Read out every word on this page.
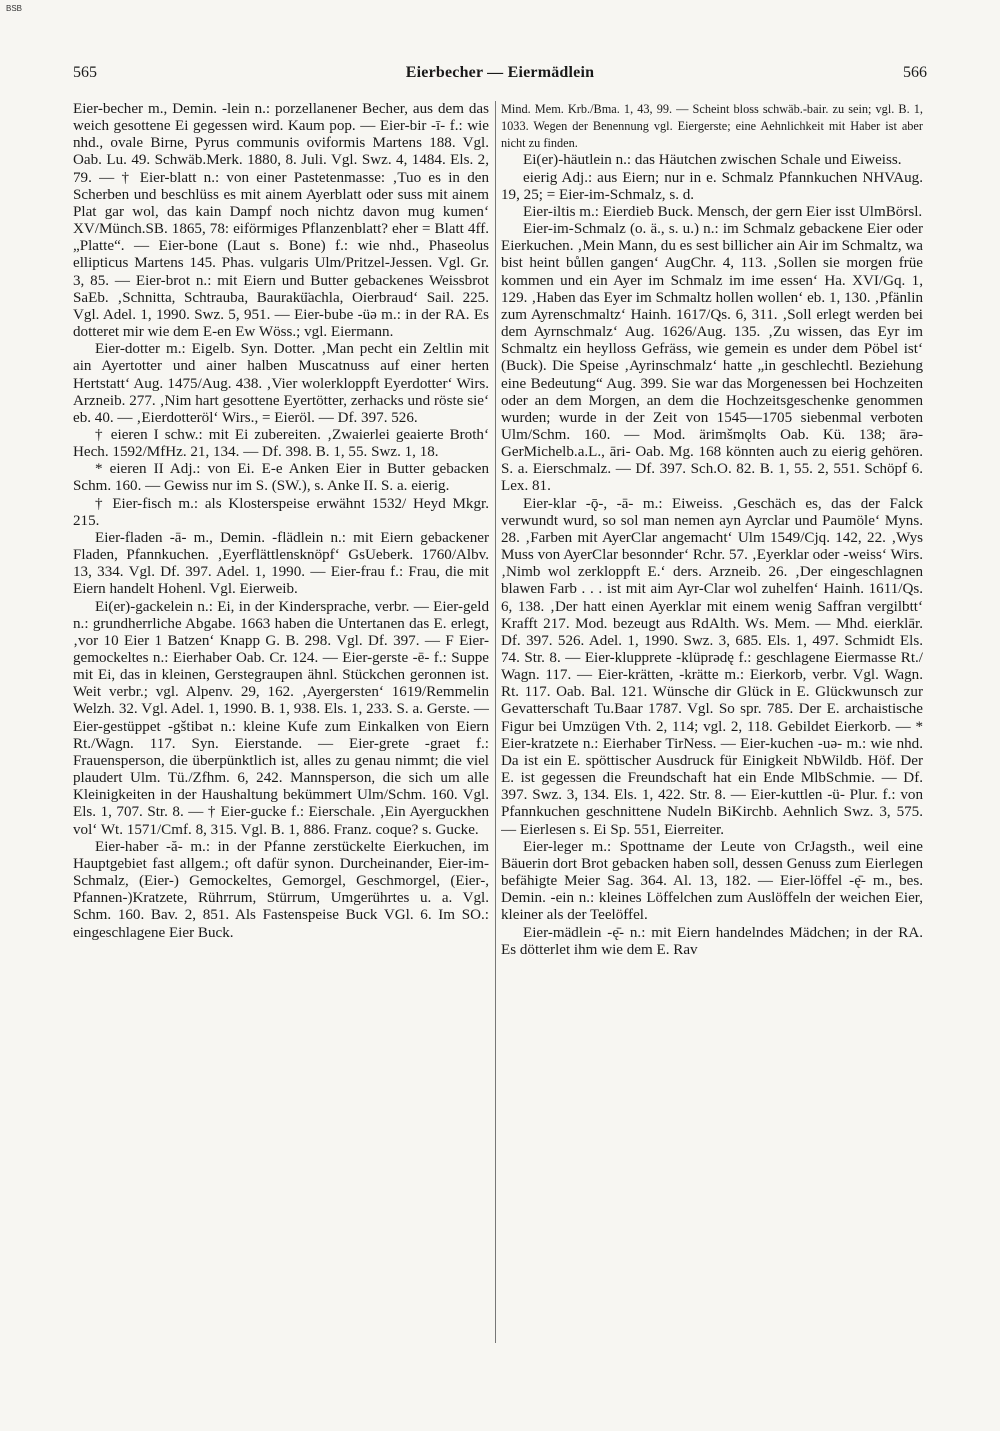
BSB
565	Eierbecher — Eiermädlein	566

Eier-becher m., Demin. -lein n.: porzellanener Becher, aus dem das weich gesottene Ei gegessen wird. Kaum pop. — Eier-bir -ī- f.: wie nhd., ovale Birne, Pyrus communis oviformis Martens 188. Vgl. Oab. Lu. 49. Schwäb.Merk. 1880, 8. Juli. Vgl. Swz. 4, 1484. Els. 2, 79. — † Eier-blatt n.: von einer Pastetenmasse: ‚Tuo es in den Scherben und beschlüss es mit ainem Ayerblatt oder suss mit ainem Plat gar wol, das kain Dampf noch nichtz davon mug kumen‘ XV/Münch.SB. 1865, 78: eiförmiges Pflanzenblatt? eher = Blatt 4ff. „Platte“. — Eier-bone (Laut s. Bone) f.: wie nhd., Phaseolus ellipticus Martens 145. Phas. vulgaris Ulm/Pritzel-Jessen. Vgl. Gr. 3, 85. — Eier-brot n.: mit Eiern und Butter gebackenes Weissbrot SaEb. ‚Schnitta, Schtrauba, Baurakü̈achla, Oierbraud‘ Sail. 225. Vgl. Adel. 1, 1990. Swz. 5, 951. — Eier-bube -üə m.: in der RA. Es dotteret mir wie dem E-en Ew Wöss.; vgl. Eiermann.

Eier-dotter m.: Eigelb. Syn. Dotter. ‚Man pecht ein Zeltlin mit ain Ayertotter und ainer halben Muscatnuss auf einer herten Hertstatt‘ Aug. 1475/Aug. 438. ‚Vier wolerkloppft Eyerdotter‘ Wirs. Arzneib. 277. ‚Nim hart gesottene Eyertötter, zerhacks und röste sie‘ eb. 40. — ‚Eierdotteröl‘ Wirs., = Eieröl. — Df. 397. 526.

† eieren I schw.: mit Ei zubereiten. ‚Zwaierlei geaierte Broth‘ Hech. 1592/MfHz. 21, 134. — Df. 398. B. 1, 55. Swz. 1, 18.

* eieren II Adj.: von Ei. E-e Anken Eier in Butter gebacken Schm. 160. — Gewiss nur im S. (SW.), s. Anke II. S. a. eierig.

† Eier-fisch m.: als Klosterspeise erwähnt 1532/ Heyd Mkgr. 215.

Eier-fladen -ā- m., Demin. -flädlein n.: mit Eiern gebackener Fladen, Pfannkuchen. ‚Eyerflättlensknöpf‘ GsUeberk. 1760/Albv. 13, 334. Vgl. Df. 397. Adel. 1, 1990. — Eier-frau f.: Frau, die mit Eiern handelt Hohenl. Vgl. Eierweib.

Ei(er)-gackelein n.: Ei, in der Kindersprache, verbr. — Eier-geld n.: grundherrliche Abgabe. 1663 haben die Untertanen das E. erlegt, ‚vor 10 Eier 1 Batzen‘ Knapp G. B. 298. Vgl. Df. 397. — F Eier-gemockeltes n.: Eierhaber Oab. Cr. 124. — Eier-gerste -ē- f.: Suppe mit Ei, das in kleinen, Gerstegraupen ähnl. Stückchen geronnen ist. Weit verbr.; vgl. Alpenv. 29, 162. ‚Ayergersten‘ 1619/Remmelin Welzh. 32. Vgl. Adel. 1, 1990. B. 1, 938. Els. 1, 233. S. a. Gerste. — Eier-gestüppet -gštibət n.: kleine Kufe zum Einkalken von Eiern Rt./Wagn. 117. Syn. Eierstande. — Eier-grete -graet f.: Frauensperson, die überpünktlich ist, alles zu genau nimmt; die viel plaudert Ulm. Tü./Zfhm. 6, 242. Mannsperson, die sich um alle Kleinigkeiten in der Haushaltung bekümmert Ulm/Schm. 160. Vgl. Els. 1, 707. Str. 8. — † Eier-gucke f.: Eierschale. ‚Ein Ayerguckhen vol‘ Wt. 1571/Cmf. 8, 315. Vgl. B. 1, 886. Franz. coque? s. Gucke.

Eier-haber -ă- m.: in der Pfanne zerstückelte Eierkuchen, im Hauptgebiet fast allgem.; oft dafür synon. Durcheinander, Eier-im-Schmalz, (Eier-) Gemockeltes, Gemorgel, Geschmorgel, (Eier-, Pfannen-)Kratzete, Rührrum, Stürrum, Umgerührtes u. a. Vgl. Schm. 160. Bav. 2, 851. Als Fastenspeise Buck VGl. 6. Im SO.: eingeschlagene Eier Buck.

Mind. Mem. Krb./Bma. 1, 43, 99. — Scheint bloss schwäb.-bair. zu sein; vgl. B. 1, 1033. Wegen der Benennung vgl. Eiergerste; eine Aehnlichkeit mit Haber ist aber nicht zu finden.

Ei(er)-häutlein n.: das Häutchen zwischen Schale und Eiweiss.

eierig Adj.: aus Eiern; nur in e. Schmalz Pfannkuchen NHVAug. 19, 25; = Eier-im-Schmalz, s. d.

Eier-iltis m.: Eierdieb Buck. Mensch, der gern Eier isst UlmBörsl.

Eier-im-Schmalz (o. ä., s. u.) n.: im Schmalz gebackene Eier oder Eierkuchen. ‚Mein Mann, du es sest billicher ain Air im Schmaltz, wa bist heint bůllen gangen‘ AugChr. 4, 113. ‚Sollen sie morgen früe kommen und ein Ayer im Schmalz im ime essen‘ Ha. XVI/Gq. 1, 129. ‚Haben das Eyer im Schmaltz hollen wollen‘ eb. 1, 130. ‚Pfänlin zum Ayrenschmaltz‘ Hainh. 1617/Qs. 6, 311. ‚Soll erlegt werden bei dem Ayrnschmalz‘ Aug. 1626/Aug. 135. ‚Zu wissen, das Eyr im Schmaltz ein heylloss Gefräss, wie gemein es under dem Pöbel ist‘ (Buck). Die Speise ‚Ayrinschmalz‘ hatte „in geschlechtl. Beziehung eine Bedeutung“ Aug. 399. Sie war das Morgenessen bei Hochzeiten oder an dem Morgen, an dem die Hochzeitsgeschenke genommen wurden; wurde in der Zeit von 1545—1705 siebenmal verboten Ulm/Schm. 160. — Mod. ärimšmǫlts Oab. Kü. 138; ārə- GerMichelb.a.L., āri- Oab. Mg. 168 könnten auch zu eierig gehören. S. a. Eierschmalz. — Df. 397. Sch.O. 82. B. 1, 55. 2, 551. Schöpf 6. Lex. 81.

Eier-klar -ǭ-, -ā- m.: Eiweiss. ‚Geschäch es, das der Falck verwundt wurd, so sol man nemen ayn Ayrclar und Paumöle‘ Myns. 28. ‚Farben mit AyerClar angemacht‘ Ulm 1549/Cjq. 142, 22. ‚Wys Muss von AyerClar besonnder‘ Rchr. 57. ‚Eyerklar oder -weiss‘ Wirs. ‚Nimb wol zerkloppft E.‘ ders. Arzneib. 26. ‚Der eingeschlagnen blawen Farb . . . ist mit aim Ayr-Clar wol zuhelfen‘ Hainh. 1611/Qs. 6, 138. ‚Der hatt einen Ayerklar mit einem wenig Saffran vergilbtt‘ Krafft 217. Mod. bezeugt aus RdAlth. Ws. Mem. — Mhd. eierklār. Df. 397. 526. Adel. 1, 1990. Swz. 3, 685. Els. 1, 497. Schmidt Els. 74. Str. 8. — Eier-klupprete -klüprədę f.: geschlagene Eiermasse Rt./ Wagn. 117. — Eier-krätten, -krätte m.: Eierkorb, verbr. Vgl. Wagn. Rt. 117. Oab. Bal. 121. Wünsche dir Glück in E. Glückwunsch zur Gevatterschaft Tu.Baar 1787. Vgl. So spr. 785. Der E. archaistische Figur bei Umzügen Vth. 2, 114; vgl. 2, 118. Gebildet Eierkorb. — * Eier-kratzete n.: Eierhaber TirNess. — Eier-kuchen -uə- m.: wie nhd. Da ist ein E. spöttischer Ausdruck für Einigkeit NbWildb. Höf. Der E. ist gegessen die Freundschaft hat ein Ende MlbSchmie. — Df. 397. Swz. 3, 134. Els. 1, 422. Str. 8. — Eier-kuttlen -ü- Plur. f.: von Pfannkuchen geschnittene Nudeln BiKirchb. Aehnlich Swz. 3, 575. — Eierlesen s. Ei Sp. 551, Eierreiter.

Eier-leger m.: Spottname der Leute von CrJagsth., weil eine Bäuerin dort Brot gebacken haben soll, dessen Genuss zum Eierlegen befähigte Meier Sag. 364. Al. 13, 182. — Eier-löffel -ę̄- m., bes. Demin. -ein n.: kleines Löffelchen zum Auslöffeln der weichen Eier, kleiner als der Teelöffel.

Eier-mädlein -ę̄- n.: mit Eiern handelndes Mädchen; in der RA. Es dötterlet ihm wie dem E. Rav
